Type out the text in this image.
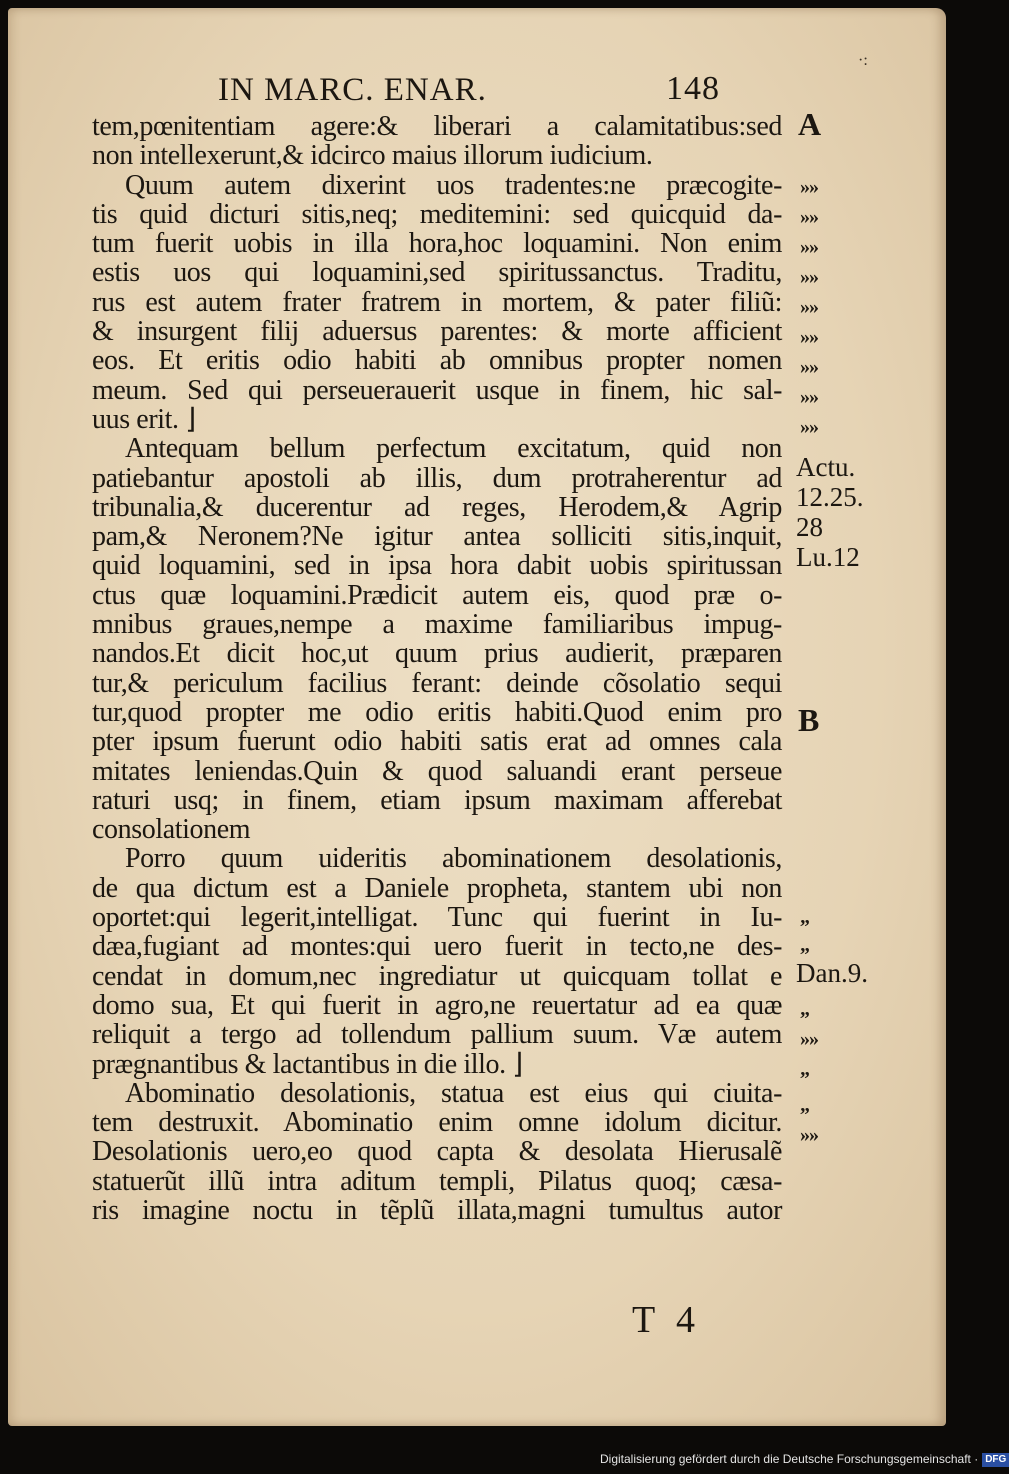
IN MARC. ENAR.	148
·:
tem,pœnitentiam agere:& liberari a calamitatibus:sed
non intellexerunt,& idcirco maius illorum iudicium.
Quum autem dixerint uos tradentes:ne præcogite-
tis quid dicturi sitis,neq; meditemini: sed quicquid da-
tum fuerit uobis in illa hora,hoc loquamini. Non enim
estis uos qui loquamini,sed spiritussanctus. Traditu,
rus est autem frater fratrem in mortem, & pater filiũ:
& insurgent filij aduersus parentes: & morte afficient
eos. Et eritis odio habiti ab omnibus propter nomen
meum. Sed qui perseuerauerit usque in finem, hic sal-
uus erit. ⌋
Antequam bellum perfectum excitatum, quid non
patiebantur apostoli ab illis, dum protraherentur ad
tribunalia,& ducerentur ad reges, Herodem,& Agrip
pam,& Neronem?Ne igitur antea solliciti sitis,inquit,
quid loquamini, sed in ipsa hora dabit uobis spiritussan
ctus quæ loquamini.Prædicit autem eis, quod præ o-
mnibus graues,nempe a maxime familiaribus impug-
nandos.Et dicit hoc,ut quum prius audierit, præparen
tur,& periculum facilius ferant: deinde cõsolatio sequi
tur,quod propter me odio eritis habiti.Quod enim pro
pter ipsum fuerunt odio habiti satis erat ad omnes cala
mitates leniendas.Quin & quod saluandi erant perseue
raturi usq; in finem, etiam ipsum maximam afferebat
consolationem
Porro quum uideritis abominationem desolationis,
de qua dictum est a Daniele propheta, stantem ubi non
oportet:qui legerit,intelligat. Tunc qui fuerint in Iu-
dæa,fugiant ad montes:qui uero fuerit in tecto,ne des-
cendat in domum,nec ingrediatur ut quicquam tollat e
domo sua, Et qui fuerit in agro,ne reuertatur ad ea quæ
reliquit a tergo ad tollendum pallium suum. Væ autem
prægnantibus & lactantibus in die illo. ⌋
Abominatio desolationis, statua est eius qui ciuita-
tem destruxit. Abominatio enim omne idolum dicitur.
Desolationis uero,eo quod capta & desolata Hierusalẽ
statuerũt illũ intra aditum templi, Pilatus quoq; cæsa-
ris imagine noctu in tẽplũ illata,magni tumultus autor
A
»»
»»
»»
»»
»»
»»
»»
»»
»»
Actu.
12.25.
28
Lu.12
B
„
„
Dan.9.
„
»»
„
„
»»
T 4
Digitalisierung gefördert durch die Deutsche Forschungsgemeinschaft · DFG
